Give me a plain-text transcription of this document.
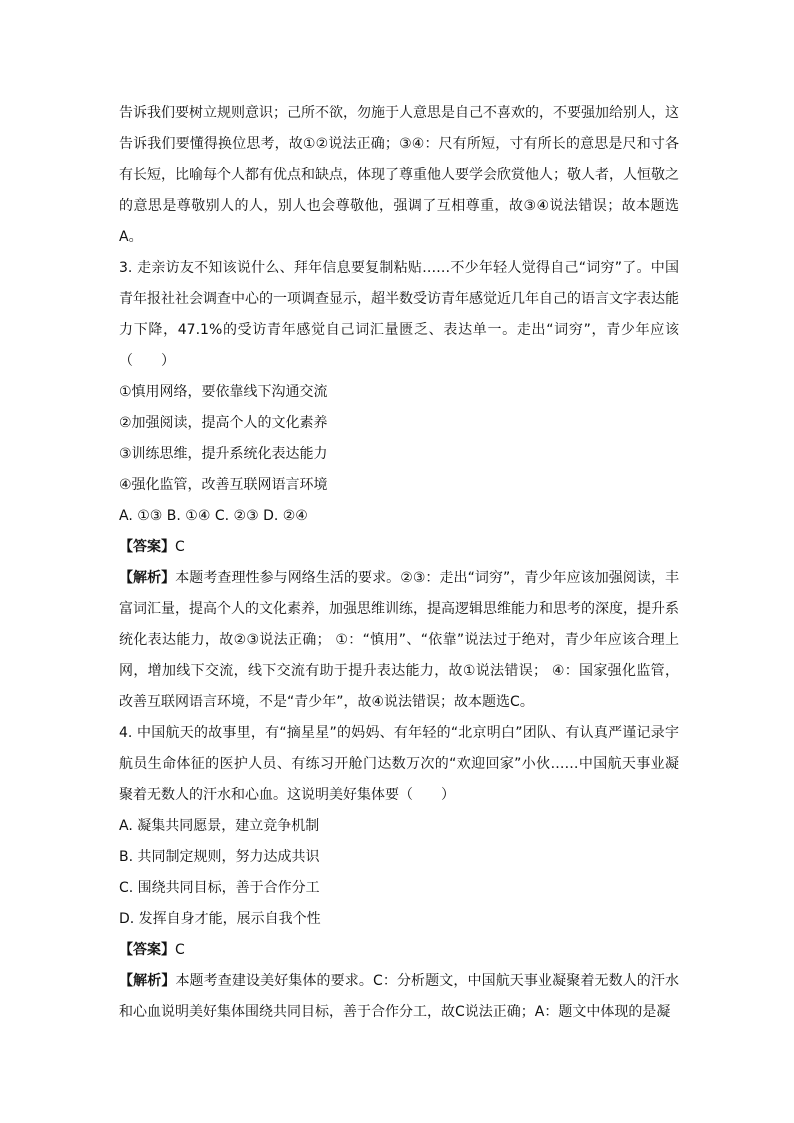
告诉我们要树立规则意识；己所不欲，勿施于人意思是自己不喜欢的，不要强加给别人，这告诉我们要懂得换位思考，故①②说法正确；③④：尺有所短，寸有所长的意思是尺和寸各有长短，比喻每个人都有优点和缺点，体现了尊重他人要学会欣赏他人；敬人者，人恒敬之的意思是尊敬别人的人，别人也会尊敬他，强调了互相尊重，故③④说法错误；故本题选A。

3. 走亲访友不知该说什么、拜年信息要复制粘贴……不少年轻人觉得自己“词穷”了。中国青年报社社会调查中心的一项调查显示，超半数受访青年感觉近几年自己的语言文字表达能力下降，47.1%的受访青年感觉自己词汇量匮乏、表达单一。走出“词穷”，青少年应该（　　）

①慎用网络，要依靠线下沟通交流

②加强阅读，提高个人的文化素养

③训练思维，提升系统化表达能力

④强化监管，改善互联网语言环境

A. ①③ B. ①④ C. ②③ D. ②④

【答案】C

【解析】本题考查理性参与网络生活的要求。②③：走出“词穷”，青少年应该加强阅读，丰富词汇量，提高个人的文化素养，加强思维训练，提高逻辑思维能力和思考的深度，提升系统化表达能力，故②③说法正确； ①：“慎用”、“依靠”说法过于绝对，青少年应该合理上网，增加线下交流，线下交流有助于提升表达能力，故①说法错误； ④：国家强化监管，改善互联网语言环境，不是“青少年”，故④说法错误；故本题选C。

4. 中国航天的故事里，有“摘星星”的妈妈、有年轻的“北京明白”团队、有认真严谨记录宇航员生命体征的医护人员、有练习开舱门达数万次的“欢迎回家”小伙……中国航天事业凝聚着无数人的汗水和心血。这说明美好集体要（　　）

A. 凝集共同愿景，建立竞争机制

B. 共同制定规则，努力达成共识

C. 围绕共同目标，善于合作分工

D. 发挥自身才能，展示自我个性

【答案】C

【解析】本题考查建设美好集体的要求。C：分析题文，中国航天事业凝聚着无数人的汗水和心血说明美好集体围绕共同目标，善于合作分工，故C说法正确；A：题文中体现的是凝
